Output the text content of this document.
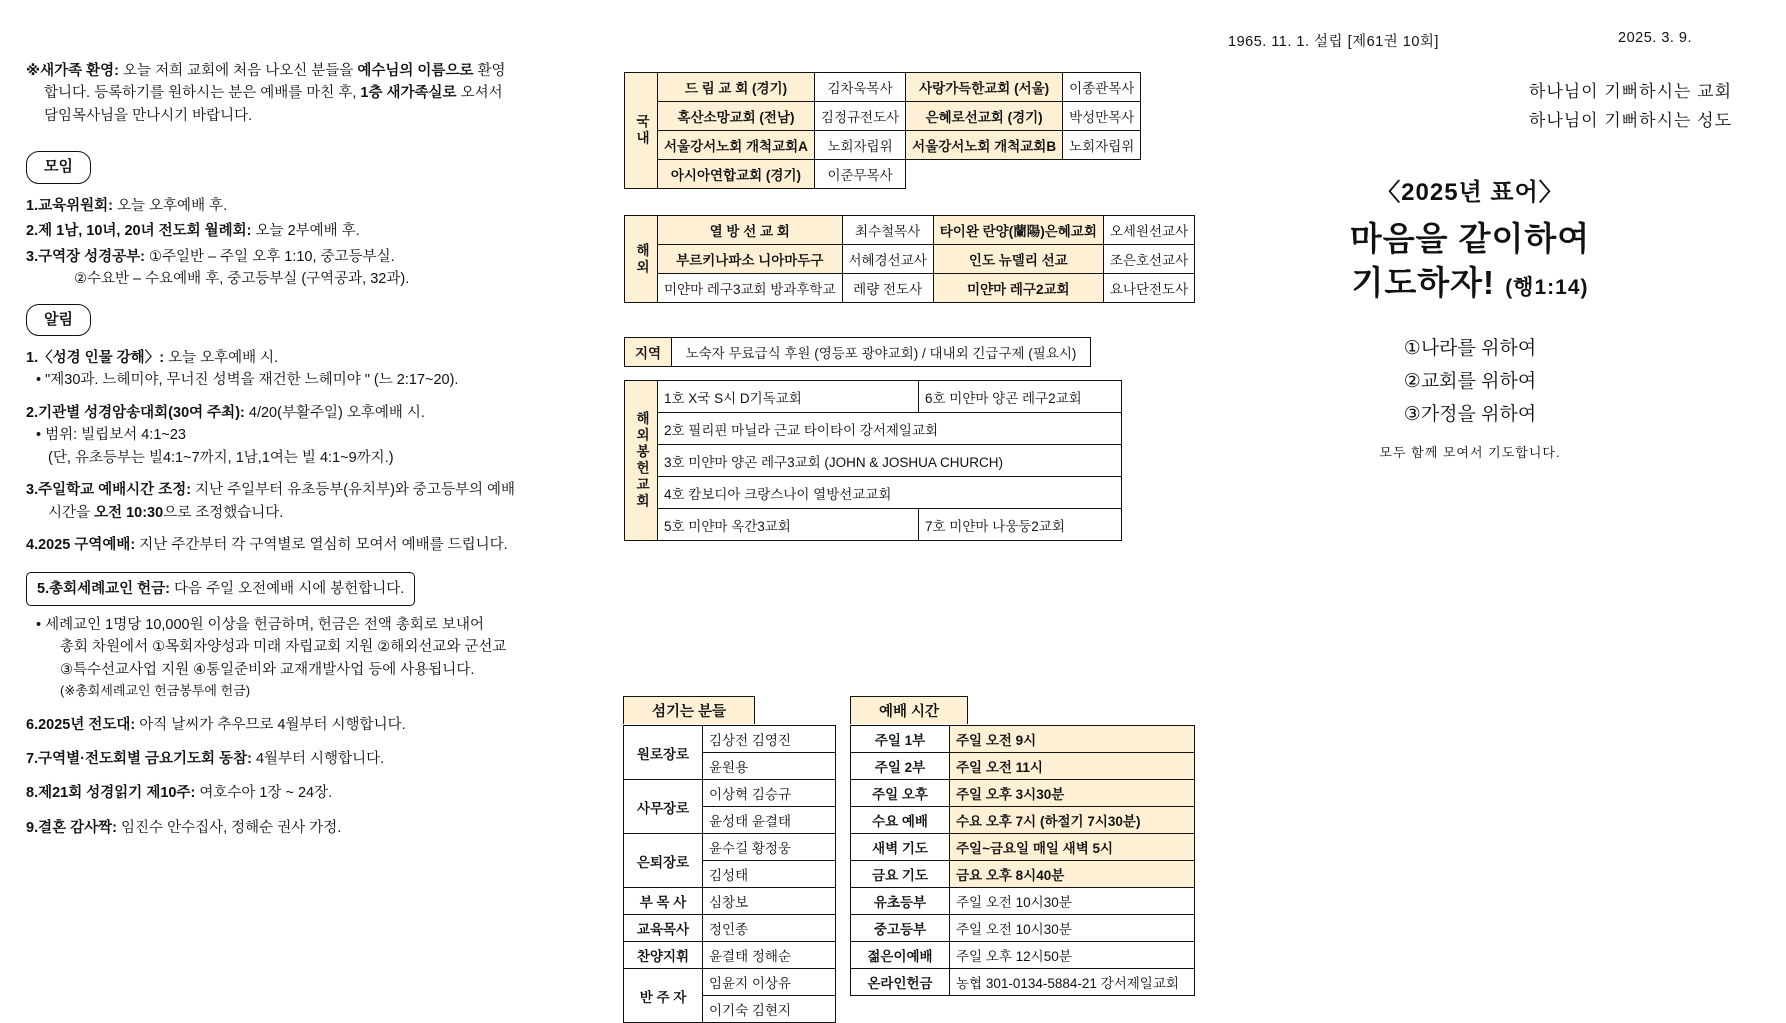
1965. 11. 1. 설립 [제61권 10회]	2025. 3. 9.
※새가족 환영: 오늘 저희 교회에 처음 나오신 분들을 예수님의 이름으로 환영
합니다. 등록하기를 원하시는 분은 예배를 마친 후, 1층 새가족실로 오셔서
담임목사님을 만나시기 바랍니다.
모임
1.교육위원회: 오늘 오후예배 후.
2.제 1남, 10녀, 20녀 전도회 월례회: 오늘 2부예배 후.
3.구역장 성경공부: ①주일반 – 주일 오후 1:10, 중고등부실.
②수요반 – 수요예배 후, 중고등부실 (구역공과, 32과).
알림
1.〈성경 인물 강해〉: 오늘 오후예배 시.
• "제30과. 느헤미야, 무너진 성벽을 재건한 느헤미야 " (느 2:17~20).
2.기관별 성경암송대회(30여 주최): 4/20(부활주일) 오후예배 시.
• 범위: 빌립보서 4:1~23
(단, 유초등부는 빌4:1~7까지, 1남,1여는 빌 4:1~9까지.)
3.주일학교 예배시간 조정: 지난 주일부터 유초등부(유치부)와 중고등부의 예배
시간을 오전 10:30으로 조정했습니다.
4.2025 구역예배: 지난 주간부터 각 구역별로 열심히 모여서 예배를 드립니다.
5.총회세례교인 헌금: 다음 주일 오전예배 시에 봉헌합니다.
• 세례교인 1명당 10,000원 이상을 헌금하며, 헌금은 전액 총회로 보내어
총회 차원에서 ①목회자양성과 미래 자립교회 지원 ②해외선교와 군선교
③특수선교사업 지원 ④통일준비와 교재개발사업 등에 사용됩니다.
(※총회세례교인 헌금봉투에 헌금)
6.2025년 전도대: 아직 날씨가 추우므로 4월부터 시행합니다.
7.구역별·전도회별 금요기도회 동참: 4월부터 시행합니다.
8.제21회 성경읽기 제10주: 여호수아 1장 ~ 24장.
9.결혼 감사짝: 임진수 안수집사, 정해순 권사 가정.
국내	드 림 교 회 (경기)	김차욱목사	사랑가득한교회 (서울)	이종관목사
	혹산소망교회 (전남)	김정규전도사	은혜로선교회 (경기)	박성만목사
	서울강서노회 개척교회A	노회자립위	서울강서노회 개척교회B	노회자립위
	아시아연합교회 (경기)	이준무목사		
해외	열 방 선 교 회	최수철목사	타이완 란양(蘭陽)은혜교회	오세원선교사
	부르키나파소 니아마두구	서혜경선교사	인도 뉴델리 선교	조은호선교사
	미얀마 레구3교회 방과후학교	레량 전도사	미얀마 레구2교회	요나단전도사
지역	노숙자 무료급식 후원 (영등포 광야교회) / 대내외 긴급구제 (필요시)
해외봉헌교회	1호 X국 S시 D기독교회	6호 미얀마 양곤 레구2교회
	2호 필리핀 마닐라 근교 타이타이 강서제일교회	
	3호 미얀마 양곤 레구3교회 (JOHN & JOSHUA CHURCH)	
	4호 캄보디아 크랑스나이 열방선교교회	
	5호 미얀마 옥간3교회	7호 미얀마 나웅둥2교회
섬기는 분들
원로장로	김상전 김영진
	윤원용
사무장로	이상혁 김승규
	윤성태 윤결태
은퇴장로	윤수길 황정웅
	김성태
부 목 사	심창보
교육목사	정인종
찬양지휘	윤결태 정해순
반 주 자	임윤지 이상유
	이기숙 김현지
예배 시간
주일 1부	주일 오전 9시
주일 2부	주일 오전 11시
주일 오후	주일 오후 3시30분
수요 예배	수요 오후 7시 (하절기 7시30분)
새벽 기도	주일~금요일 매일 새벽 5시
금요 기도	금요 오후 8시40분
유초등부	주일 오전 10시30분
중고등부	주일 오전 10시30분
젊은이예배	주일 오후 12시50분
온라인헌금	농협 301-0134-5884-21 강서제일교회
하나님이 기뻐하시는 교회
하나님이 기뻐하시는 성도
〈2025년 표어〉
마음을 같이하여
기도하자! (행1:14)
①나라를 위하여
②교회를 위하여
③가정을 위하여
모두 함께 모여서 기도합니다.
